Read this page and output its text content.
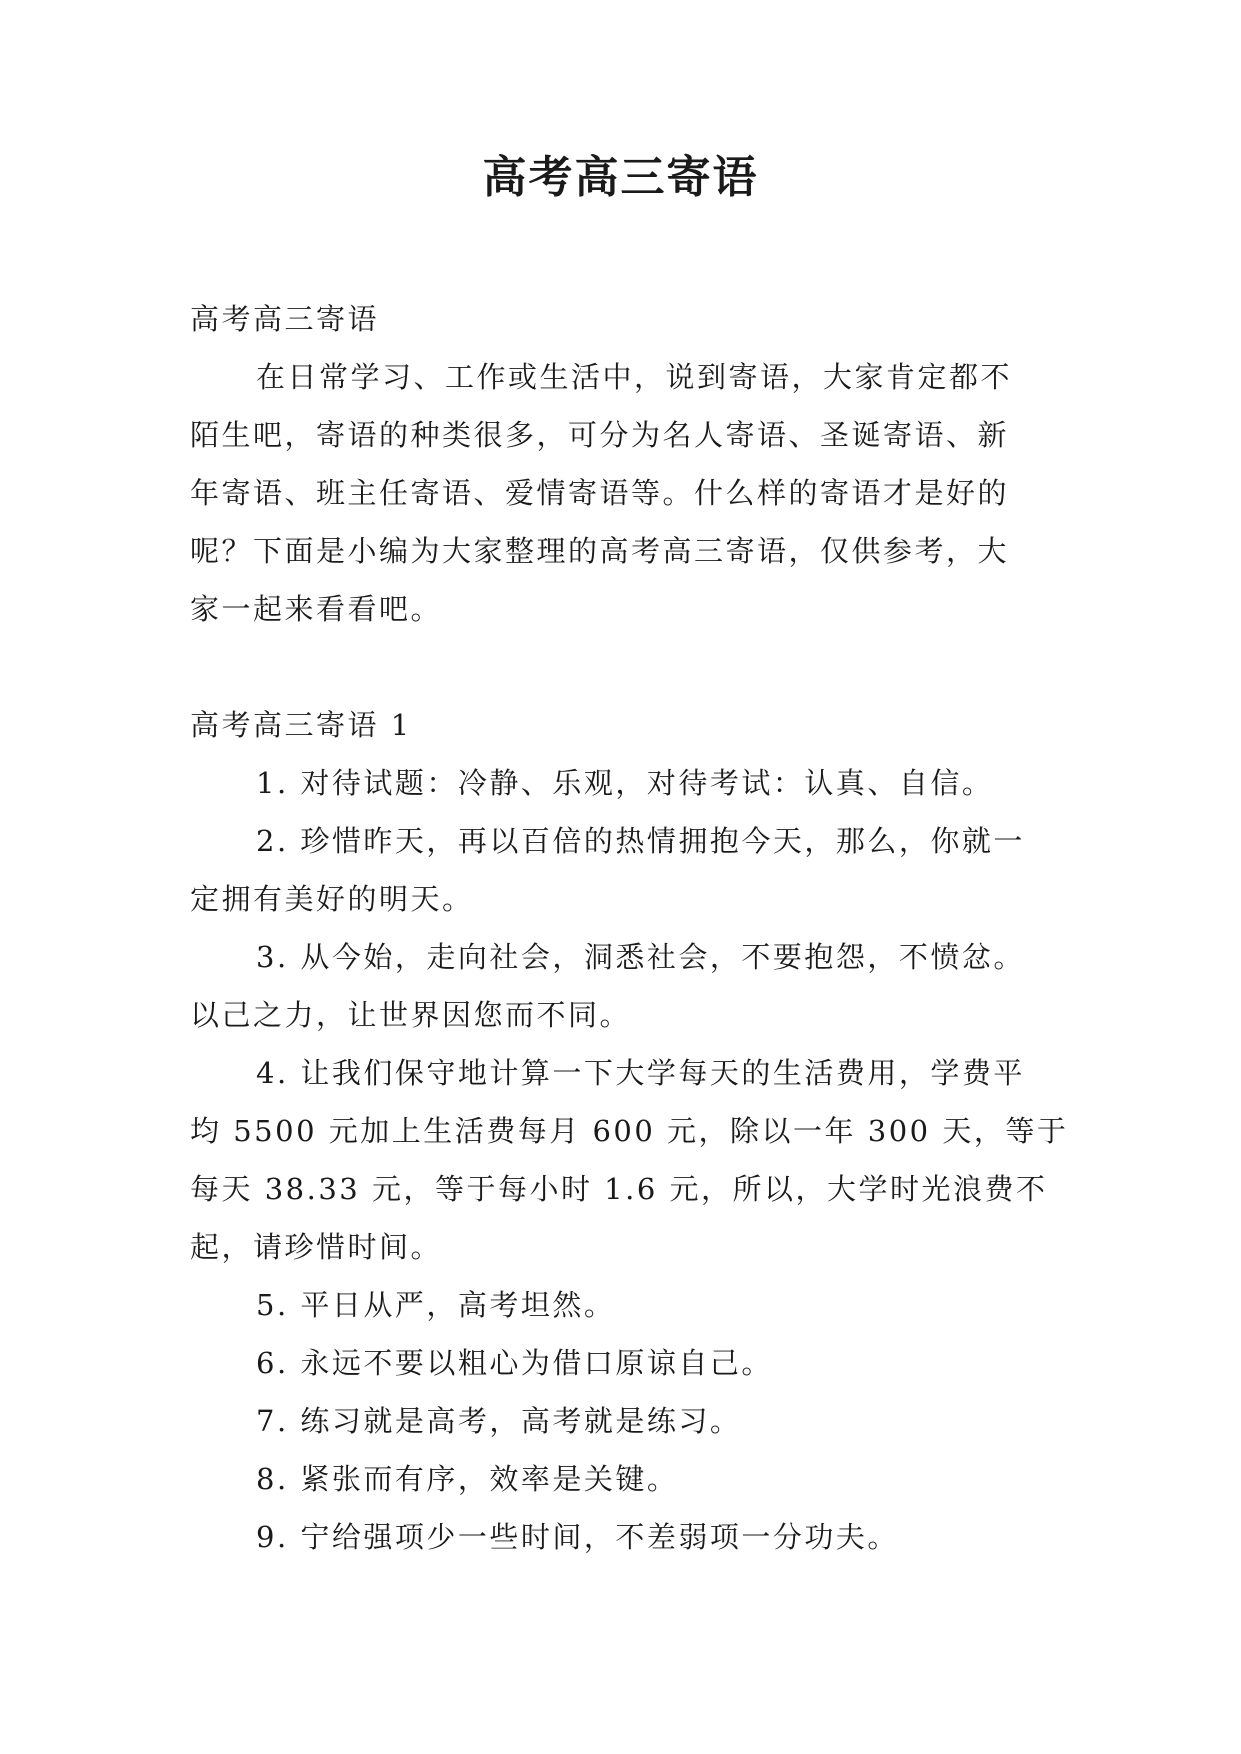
高考高三寄语
高考高三寄语
在日常学习、工作或生活中，说到寄语，大家肯定都不
陌生吧，寄语的种类很多，可分为名人寄语、圣诞寄语、新
年寄语、班主任寄语、爱情寄语等。什么样的寄语才是好的
呢？下面是小编为大家整理的高考高三寄语，仅供参考，大
家一起来看看吧。
高考高三寄语 1
1. 对待试题：冷静、乐观，对待考试：认真、自信。
2. 珍惜昨天，再以百倍的热情拥抱今天，那么，你就一
定拥有美好的明天。
3. 从今始，走向社会，洞悉社会，不要抱怨，不愤忿。
以己之力，让世界因您而不同。
4. 让我们保守地计算一下大学每天的生活费用，学费平
均 5500 元加上生活费每月 600 元，除以一年 300 天，等于
每天 38.33 元，等于每小时 1.6 元，所以，大学时光浪费不
起，请珍惜时间。
5. 平日从严，高考坦然。
6. 永远不要以粗心为借口原谅自己。
7. 练习就是高考，高考就是练习。
8. 紧张而有序，效率是关键。
9. 宁给强项少一些时间，不差弱项一分功夫。
